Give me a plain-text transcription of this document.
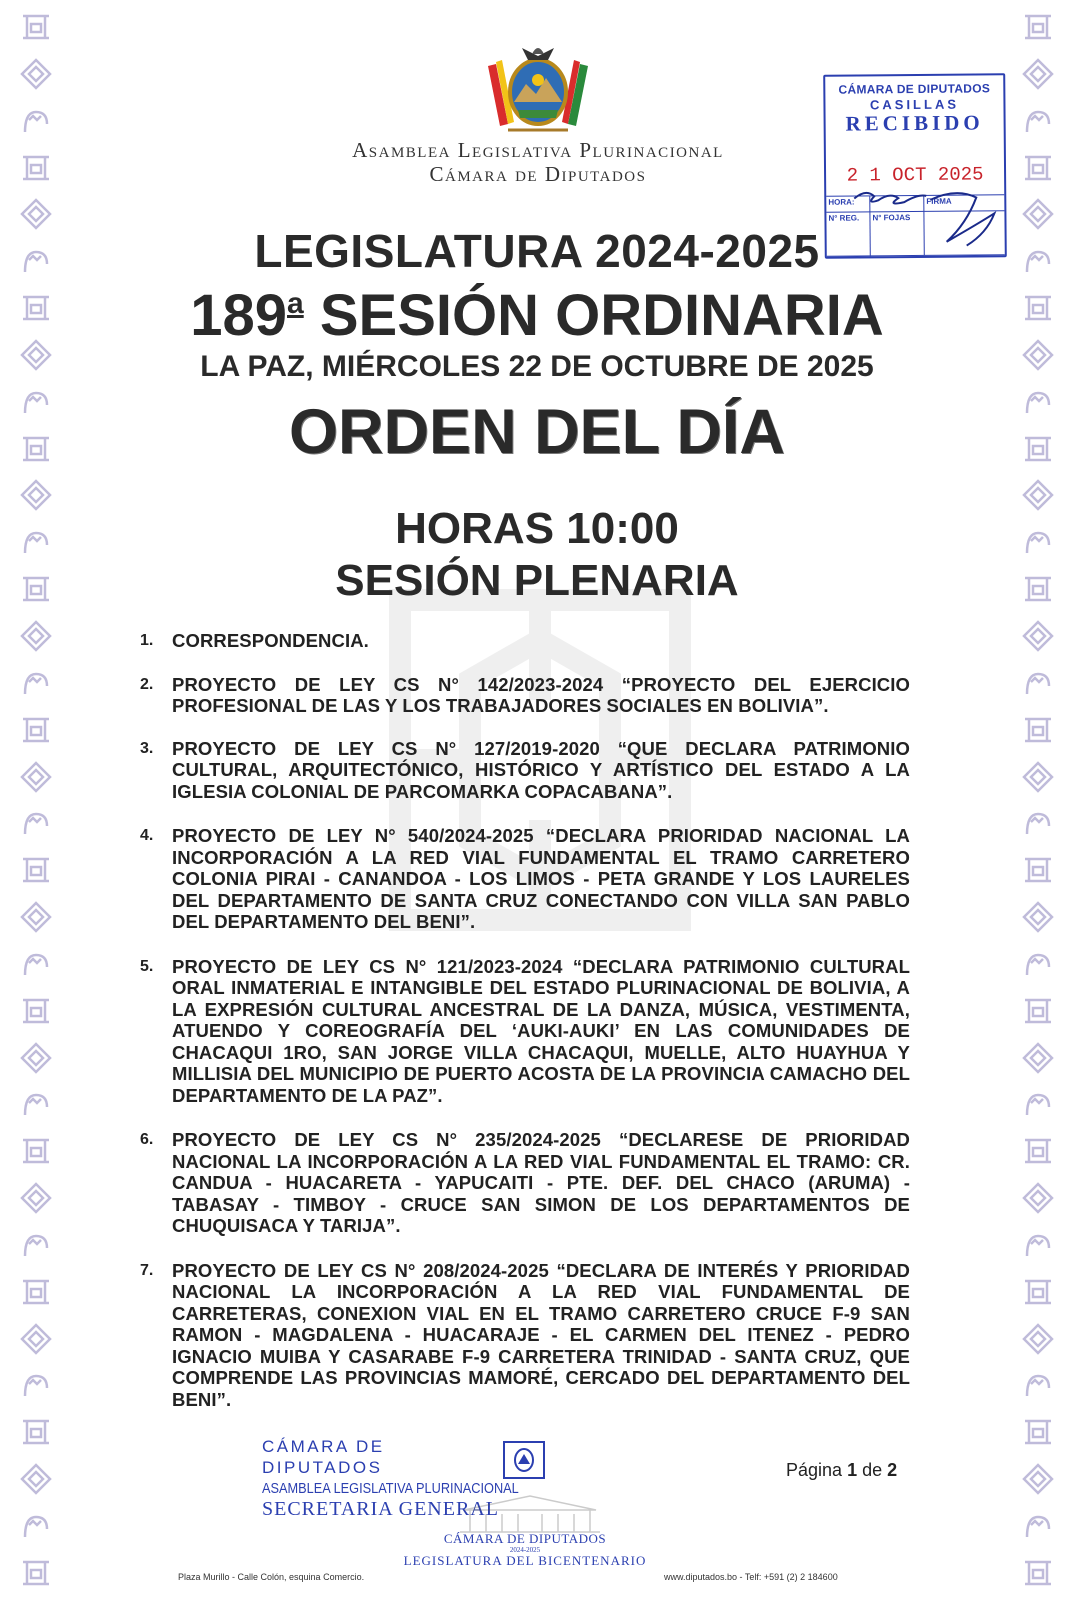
Asamblea Legislativa Plurinacional
Cámara de Diputados
CÁMARA DE DIPUTADOS
CASILLAS
RECIBIDO
2 1 OCT 2025
HORA:	FIRMA
N° REG.	N° FOJAS
LEGISLATURA 2024-2025
189$^a$ SESIÓN ORDINARIA
LA PAZ, MIÉRCOLES 22 DE OCTUBRE DE 2025
ORDEN DEL DÍA
HORAS 10:00
SESIÓN PLENARIA
1.	CORRESPONDENCIA.
2.	PROYECTO DE LEY CS N° 142/2023-2024 “PROYECTO DEL EJERCICIO PROFESIONAL DE LAS Y LOS TRABAJADORES SOCIALES EN BOLIVIA”.
3.	PROYECTO DE LEY CS N° 127/2019-2020 “QUE DECLARA PATRIMONIO CULTURAL, ARQUITECTÓNICO, HISTÓRICO Y ARTÍSTICO DEL ESTADO A LA IGLESIA COLONIAL DE PARCOMARKA COPACABANA”.
4.	PROYECTO DE LEY N° 540/2024-2025 “DECLARA PRIORIDAD NACIONAL LA INCORPORACIÓN A LA RED VIAL FUNDAMENTAL EL TRAMO CARRETERO COLONIA PIRAI - CANANDOA - LOS LIMOS - PETA GRANDE Y LOS LAURELES DEL DEPARTAMENTO DE SANTA CRUZ CONECTANDO CON VILLA SAN PABLO DEL DEPARTAMENTO DEL BENI”.
5.	PROYECTO DE LEY CS N° 121/2023-2024 “DECLARA PATRIMONIO CULTURAL ORAL INMATERIAL E INTANGIBLE DEL ESTADO PLURINACIONAL DE BOLIVIA, A LA EXPRESIÓN CULTURAL ANCESTRAL DE LA DANZA, MÚSICA, VESTIMENTA, ATUENDO Y COREOGRAFÍA DEL ‘AUKI-AUKI’ EN LAS COMUNIDADES DE CHACAQUI 1RO, SAN JORGE VILLA CHACAQUI, MUELLE, ALTO HUAYHUA Y MILLISIA DEL MUNICIPIO DE PUERTO ACOSTA DE LA PROVINCIA CAMACHO DEL DEPARTAMENTO DE LA PAZ”.
6.	PROYECTO DE LEY CS N° 235/2024-2025 “DECLARESE DE PRIORIDAD NACIONAL LA INCORPORACIÓN A LA RED VIAL FUNDAMENTAL EL TRAMO: CR. CANDUA - HUACARETA - YAPUCAITI - PTE. DEF. DEL CHACO (ARUMA) - TABASAY - TIMBOY - CRUCE SAN SIMON DE LOS DEPARTAMENTOS DE CHUQUISACA Y TARIJA”.
7.	PROYECTO DE LEY CS N° 208/2024-2025 “DECLARA DE INTERÉS Y PRIORIDAD NACIONAL LA INCORPORACIÓN A LA RED VIAL FUNDAMENTAL DE CARRETERAS, CONEXION VIAL EN EL TRAMO CARRETERO CRUCE F-9 SAN RAMON - MAGDALENA - HUACARAJE - EL CARMEN DEL ITENEZ - PEDRO IGNACIO MUIBA Y CASARABE F-9 CARRETERA TRINIDAD - SANTA CRUZ, QUE COMPRENDE LAS PROVINCIAS MAMORÉ, CERCADO DEL DEPARTAMENTO DEL BENI”.
CÁMARA DE DIPUTADOS
ASAMBLEA LEGISLATIVA PLURINACIONAL
SECRETARIA GENERAL
CÁMARA DE DIPUTADOS
2024-2025
LEGISLATURA DEL BICENTENARIO
Página 1 de 2
Plaza Murillo - Calle Colón, esquina Comercio.	www.diputados.bo - Telf: +591 (2) 2 184600
